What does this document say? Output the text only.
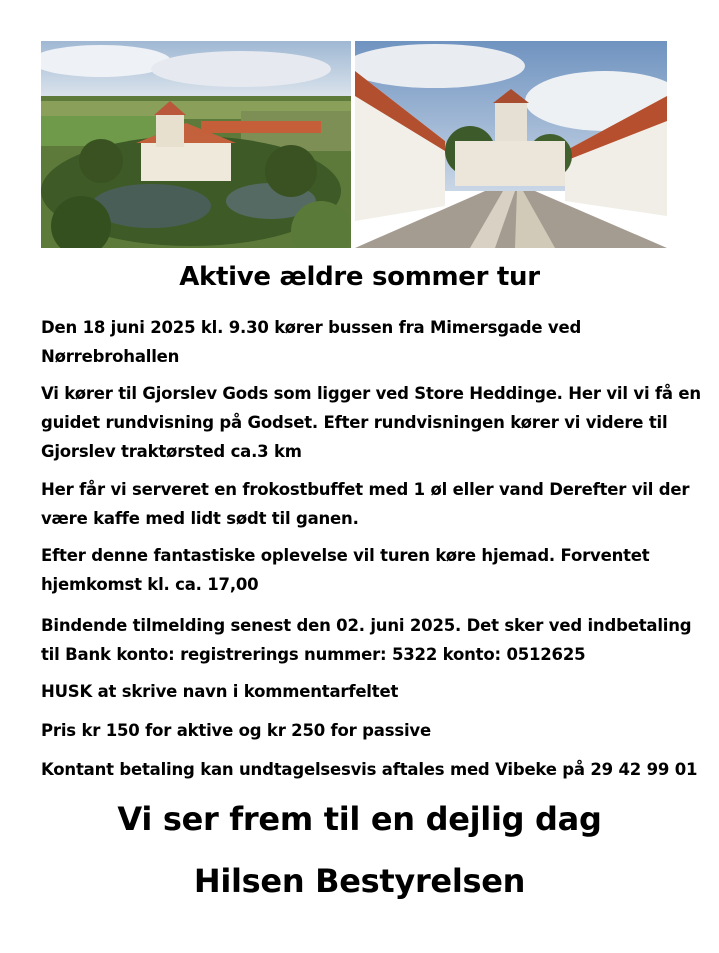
Aktive ældre sommer tur

Den 18 juni 2025 kl. 9.30 kører bussen fra Mimersgade ved
Nørrebrohallen

Vi kører til Gjorslev Gods som ligger ved Store Heddinge. Her vil vi få en
guidet rundvisning på Godset. Efter rundvisningen kører vi videre til
Gjorslev traktørsted ca.3 km

Her får vi serveret en frokostbuffet med 1 øl eller vand Derefter vil der
være kaffe med lidt sødt til ganen.

Efter denne fantastiske oplevelse vil turen køre hjemad. Forventet
hjemkomst kl. ca. 17,00

Bindende tilmelding senest den 02. juni 2025. Det sker ved indbetaling
til Bank konto: registrerings nummer: 5322 konto: 0512625

HUSK at skrive navn i kommentarfeltet

Pris kr 150 for aktive og kr 250 for passive

Kontant betaling kan undtagelsesvis aftales med Vibeke på 29 42 99 01

Vi ser frem til en dejlig dag

Hilsen Bestyrelsen
